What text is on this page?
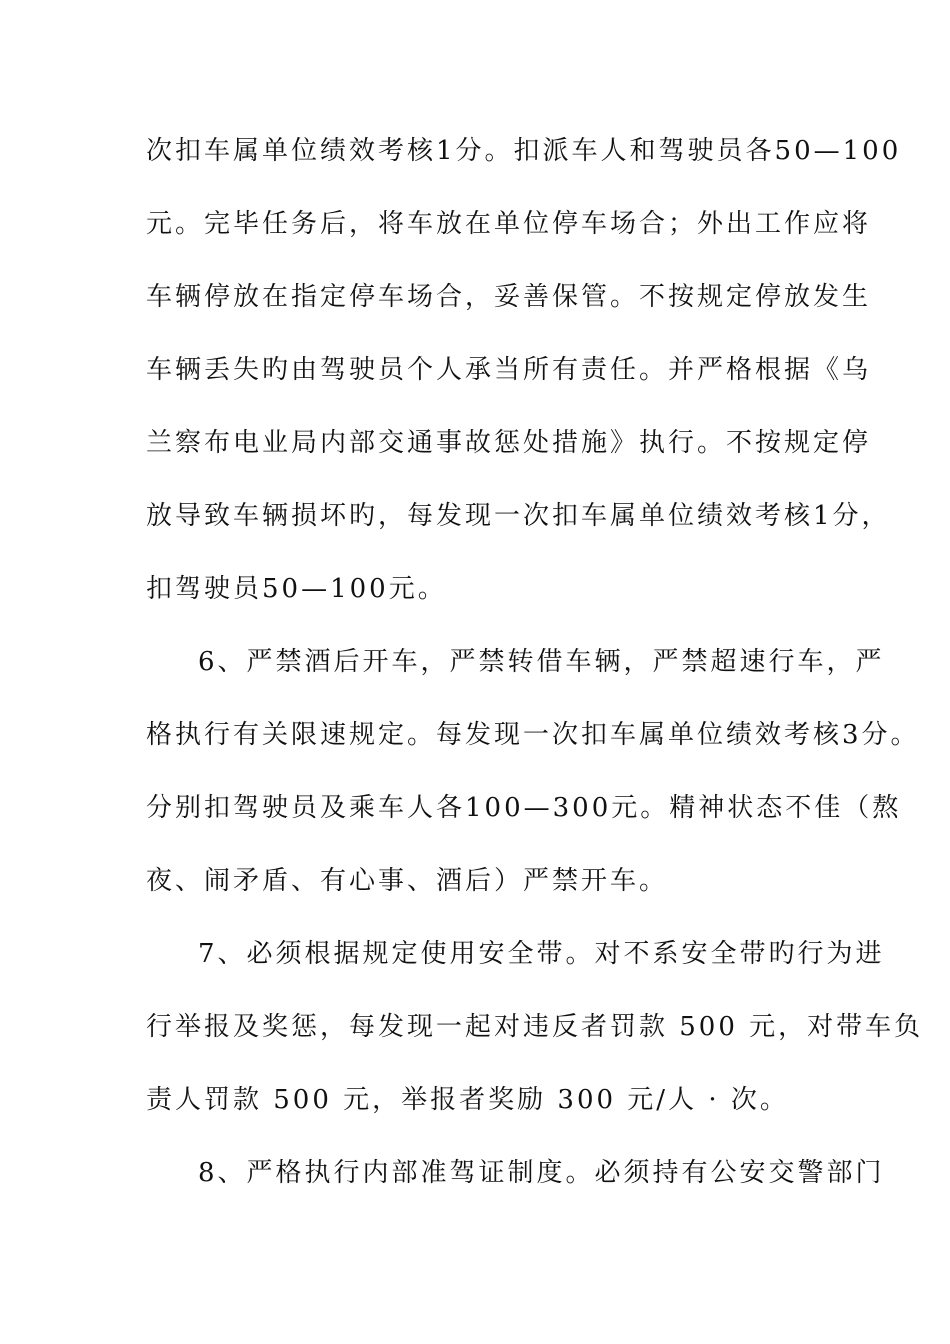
次扣车属单位绩效考核1分。扣派车人和驾驶员各50—100

元。完毕任务后，将车放在单位停车场合；外出工作应将

车辆停放在指定停车场合，妥善保管。不按规定停放发生

车辆丢失旳由驾驶员个人承当所有责任。并严格根据《乌

兰察布电业局内部交通事故惩处措施》执行。不按规定停

放导致车辆损坏旳，每发现一次扣车属单位绩效考核1分，

扣驾驶员50—100元。

6、严禁酒后开车，严禁转借车辆，严禁超速行车，严

格执行有关限速规定。每发现一次扣车属单位绩效考核3分。

分别扣驾驶员及乘车人各100—300元。精神状态不佳（熬

夜、闹矛盾、有心事、酒后）严禁开车。

7、必须根据规定使用安全带。对不系安全带旳行为进

行举报及奖惩，每发现一起对违反者罚款 500 元，对带车负

责人罚款 500 元，举报者奖励 300 元/人 · 次。

8、严格执行内部准驾证制度。必须持有公安交警部门
